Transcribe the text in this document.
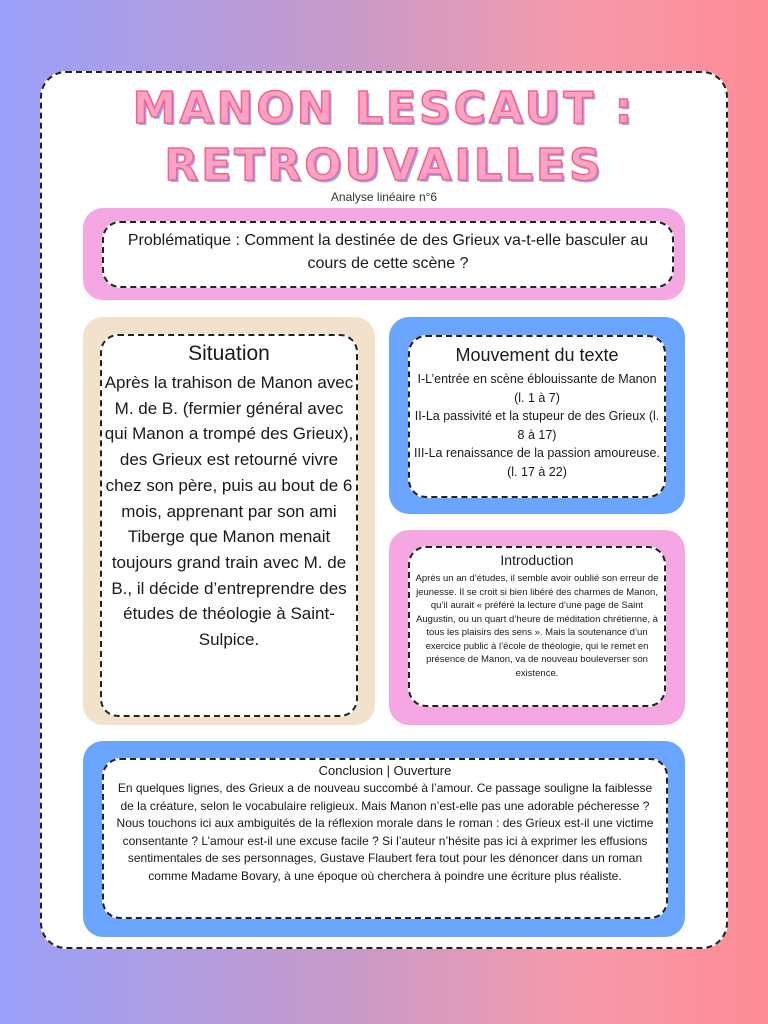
MANON LESCAUT :
RETROUVAILLES
Analyse linéaire n°6
Problématique : Comment la destinée de des Grieux va-t-elle basculer au cours de cette scène ?
Situation
Après la trahison de Manon avec M. de B. (fermier général avec qui Manon a trompé des Grieux), des Grieux est retourné vivre chez son père, puis au bout de 6 mois, apprenant par son ami Tiberge que Manon menait toujours grand train avec M. de B., il décide d’entreprendre des études de théologie à Saint-Sulpice.
Mouvement du texte
I-L’entrée en scène éblouissante de Manon (l. 1 à 7)
II-La passivité et la stupeur de des Grieux (l. 8 à 17)
III-La renaissance de la passion amoureuse. (l. 17 à 22)
Introduction
Après un an d’études, il semble avoir oublié son erreur de jeunesse. Il se croit si bien libéré des charmes de Manon, qu’il aurait « préféré la lecture d’une page de Saint Augustin, ou un quart d’heure de méditation chrétienne, à tous les plaisirs des sens ». Mais la soutenance d’un exercice public à l’école de théologie, qui le remet en présence de Manon, va de nouveau bouleverser son existence.
Conclusion | Ouverture
En quelques lignes, des Grieux a de nouveau succombé à l’amour. Ce passage souligne la faiblesse de la créature, selon le vocabulaire religieux. Mais Manon n’est-elle pas une adorable pécheresse ? Nous touchons ici aux ambiguités de la réflexion morale dans le roman : des Grieux est-il une victime consentante ? L’amour est-il une excuse facile ? Si l’auteur n’hésite pas ici à exprimer les effusions sentimentales de ses personnages, Gustave Flaubert fera tout pour les dénoncer dans un roman comme Madame Bovary, à une époque où cherchera à poindre une écriture plus réaliste.
